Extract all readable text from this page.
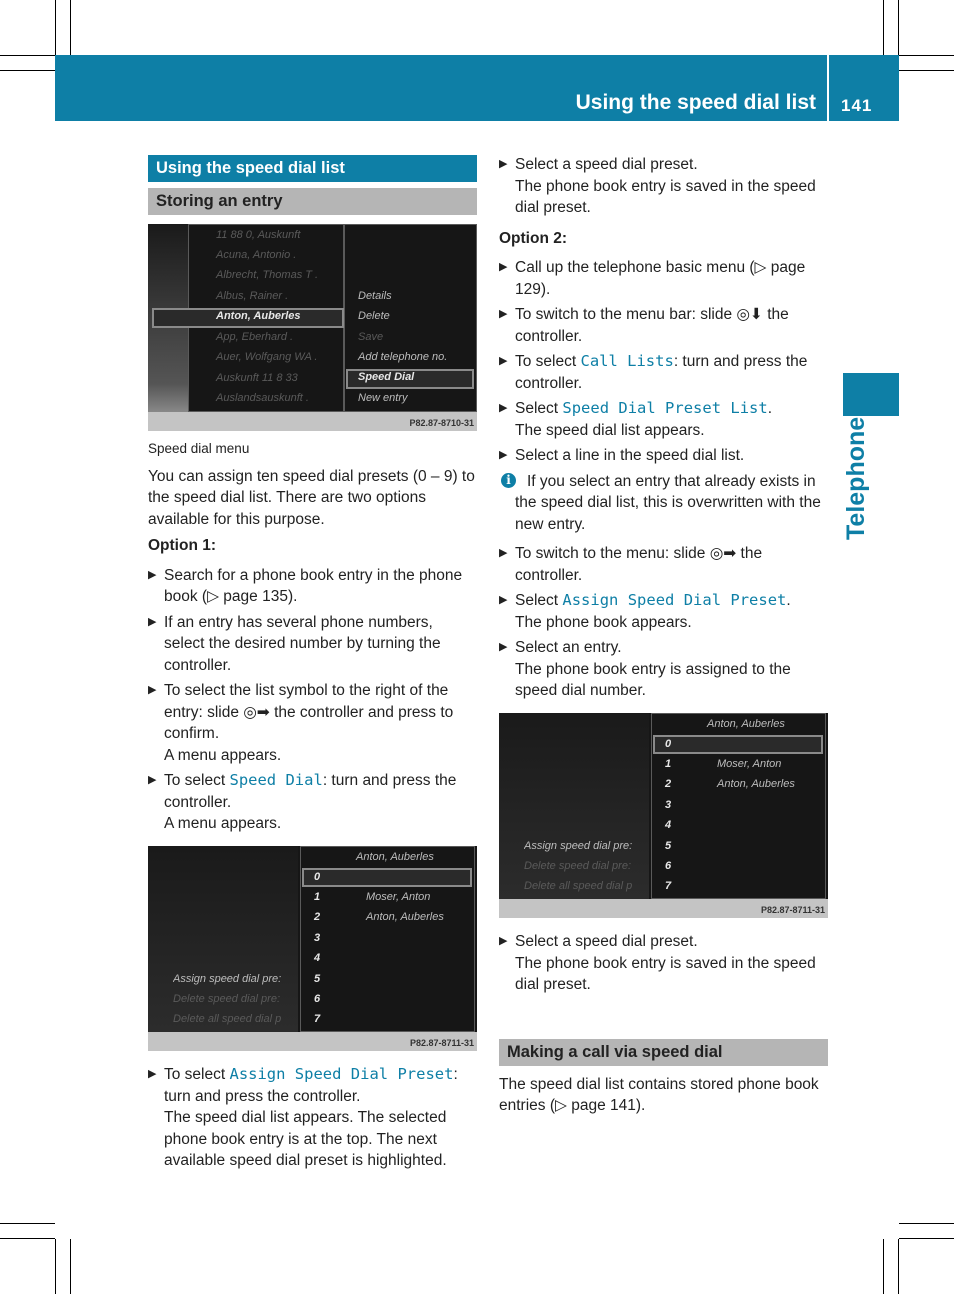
Using the speed dial list 141
Telephone
Using the speed dial list
Storing an entry
11 88 0, Auskunft
Acuna, Antonio .
Albrecht, Thomas T .
Albus, Rainer .
Anton, Auberles
App, Eberhard .
Auer, Wolfgang WA .
Auskunft 11 8 33
Auslandsauskunft .
Details
Delete
Save
Add telephone no.
Speed Dial
New entry
P82.87-8710-31

Speed dial menu

You can assign ten speed dial presets (0 – 9) to the speed dial list. There are two options available for this purpose.

Option 1:

▶ Search for a phone book entry in the phone book (▷ page 135).
▶ If an entry has several phone numbers, select the desired number by turning the controller.
▶ To select the list symbol to the right of the entry: slide ◎➡ the controller and press to confirm.
A menu appears.
▶ To select Speed Dial: turn and press the controller.
A menu appears.
Anton, Auberles
0
1
2
3
4
5
6
7
Moser, Anton
Anton, Auberles
Assign speed dial pre:
Delete speed dial pre:
Delete all speed dial p
P82.87-8711-31
▶ To select Assign Speed Dial Preset: turn and press the controller.
The speed dial list appears. The selected phone book entry is at the top. The next available speed dial preset is highlighted.
▶ Select a speed dial preset.
The phone book entry is saved in the speed dial preset.

Option 2:

▶ Call up the telephone basic menu (▷ page 129).
▶ To switch to the menu bar: slide ◎⬇ the controller.
▶ To select Call Lists: turn and press the controller.
▶ Select Speed Dial Preset List.
The speed dial list appears.
▶ Select a line in the speed dial list.
i	If you select an entry that already exists in the speed dial list, this is overwritten with the new entry.
▶ To switch to the menu: slide ◎➡ the controller.
▶ Select Assign Speed Dial Preset.
The phone book appears.
▶ Select an entry.
The phone book entry is assigned to the speed dial number.
Anton, Auberles
0
1
2
3
4
5
6
7
Moser, Anton
Anton, Auberles
Assign speed dial pre:
Delete speed dial pre:
Delete all speed dial p
P82.87-8711-31
▶ Select a speed dial preset.
The phone book entry is saved in the speed dial preset.
Making a call via speed dial

The speed dial list contains stored phone book entries (▷ page 141).
